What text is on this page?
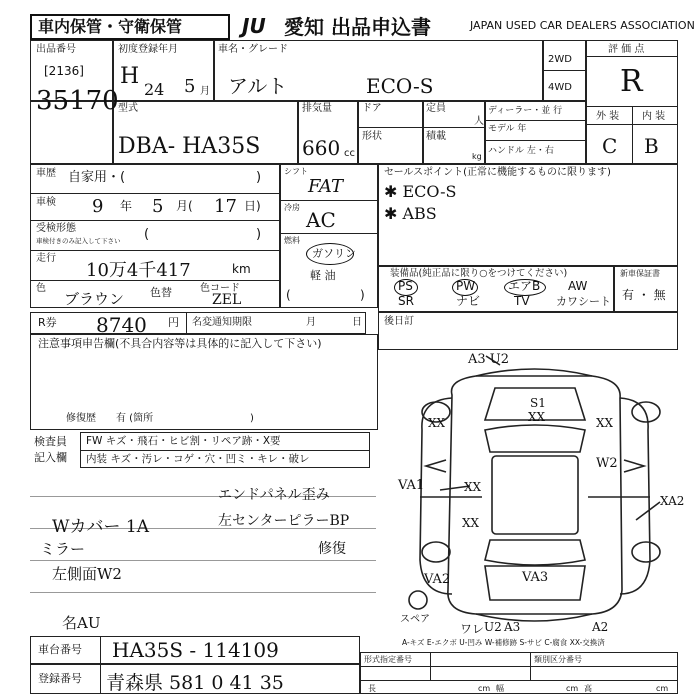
車内保管・守衛保管	JU 愛知 出品申込書	JAPAN USED CAR DEALERS ASSOCIATION
出品番号
[2136]
35170
初度登録年月
H
24 5 月
車名・グレード
アルト	ECO-S
2WD
4WD
評 価 点
R
外 装 内 装
C B
型式
DBA- HA35S
排気量
660 cc
ドア	定員
人
形状	積載
kg
ディーラー・並 行
モデル 年
ハンドル 左・右
車歴 自家用・(	)
車検 9 年 5 月( 17 日)
受検形態
車検付きのみ記入して下さい (	)
走行
10万4千417	km
色
ブラウン 色替	色コード
ZEL
シフト
FAT
冷房
AC
燃料
ガソリン
軽 油
(	)
セールスポイント(正常に機能するものに限ります)
✱ ECO-S
✱ ABS
装備品(純正品に限り○をつけてください)
PS	PW	エアB AW
SR	ナビ	TV カワシート
新車保証書
有 ・ 無
R券 8740 円 名変通知期限	月	日 後日訂
注意事項申告欄(不具合内容等は具体的に記入して下さい)
修復歴 有 (箇所	)
検査員
記入欄
FW キズ・飛石・ヒビ割・リペア跡・X要
内装 キズ・汚レ・コゲ・穴・凹ミ・キレ・破レ
Wカバー 1A
ミラー
左側面W2
エンドパネル歪み
左センターピラーBP
修復
名AU
A3 U2
S1
XX
XX	XX
W2
VA1	XX
XX
XA2
VA2	VA3
スペア
ワレ U2 A3	A2
A-キズ E-エクボ U-凹み W-補修跡 S-サビ C-腐食 XX-交換済
車台番号 HA35S - 114109
登録番号 青森県 581 0 41 35
形式指定番号	類別区分番号
長	cm 幅	cm 高	cm
